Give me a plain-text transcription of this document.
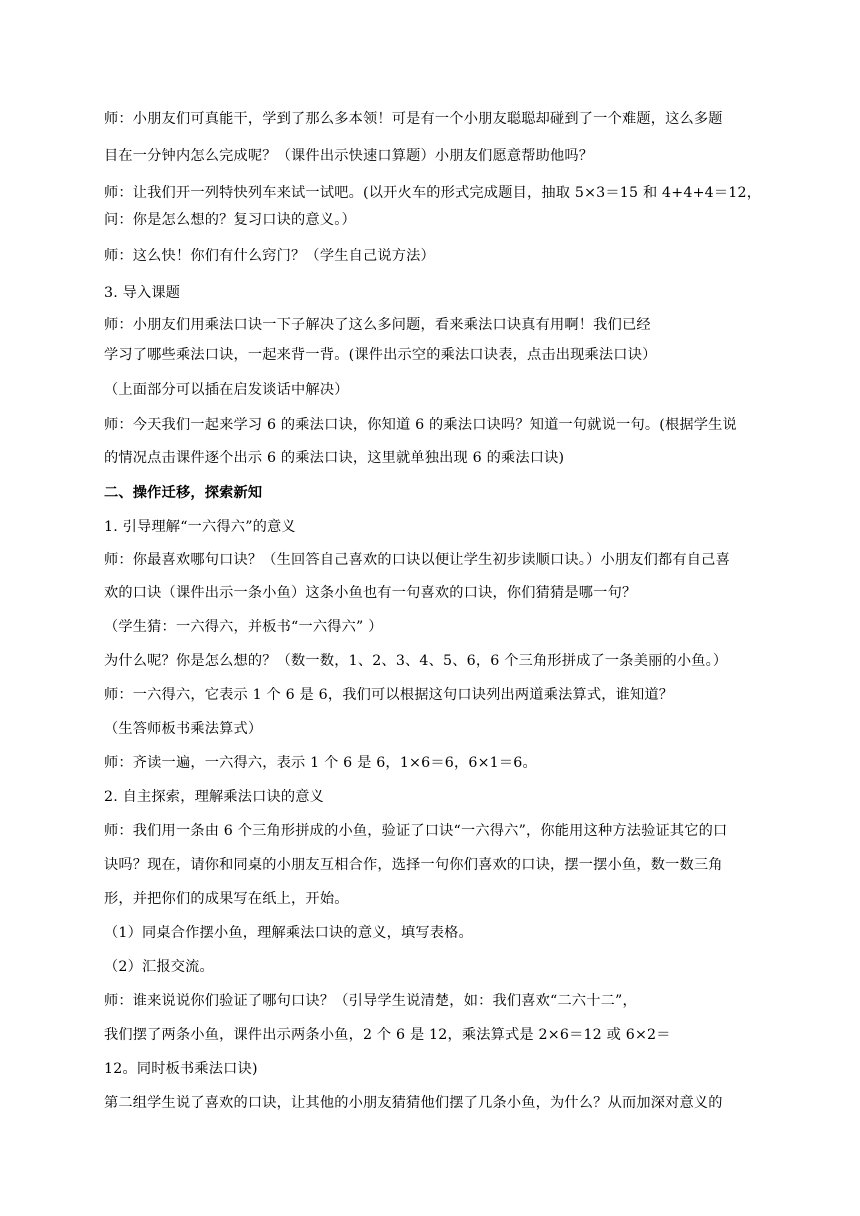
师：小朋友们可真能干，学到了那么多本领！可是有一个小朋友聪聪却碰到了一个难题，这么多题
目在一分钟内怎么完成呢？（课件出示快速口算题）小朋友们愿意帮助他吗？
师：让我们开一列特快列车来试一试吧。(以开火车的形式完成题目，抽取 5×3＝15 和 4+4+4＝12，
问：你是怎么想的？复习口诀的意义。）
师：这么快！你们有什么窍门？（学生自己说方法）
3. 导入课题
师：小朋友们用乘法口诀一下子解决了这么多问题，看来乘法口诀真有用啊！我们已经
学习了哪些乘法口诀，一起来背一背。(课件出示空的乘法口诀表，点击出现乘法口诀）
（上面部分可以插在启发谈话中解决）
师：今天我们一起来学习 6 的乘法口诀，你知道 6 的乘法口诀吗？知道一句就说一句。(根据学生说
的情况点击课件逐个出示 6 的乘法口诀，这里就单独出现 6 的乘法口诀)
二、操作迁移，探索新知
1. 引导理解“一六得六”的意义
师：你最喜欢哪句口诀？（生回答自己喜欢的口诀以便让学生初步读顺口诀。）小朋友们都有自己喜
欢的口诀（课件出示一条小鱼）这条小鱼也有一句喜欢的口诀，你们猜猜是哪一句？
（学生猜：一六得六，并板书“一六得六” ）
为什么呢？你是怎么想的？（数一数，1、2、3、4、5、6，6 个三角形拼成了一条美丽的小鱼。）
师：一六得六，它表示 1 个 6 是 6，我们可以根据这句口诀列出两道乘法算式，谁知道？
（生答师板书乘法算式）
师：齐读一遍，一六得六，表示 1 个 6 是 6，1×6＝6，6×1＝6。
2. 自主探索，理解乘法口诀的意义
师：我们用一条由 6 个三角形拼成的小鱼，验证了口诀“一六得六”，你能用这种方法验证其它的口
诀吗？现在，请你和同桌的小朋友互相合作，选择一句你们喜欢的口诀，摆一摆小鱼，数一数三角
形，并把你们的成果写在纸上，开始。
（1）同桌合作摆小鱼，理解乘法口诀的意义，填写表格。
（2）汇报交流。
师：谁来说说你们验证了哪句口诀？（引导学生说清楚，如：我们喜欢“二六十二”，
我们摆了两条小鱼，课件出示两条小鱼，2 个 6 是 12，乘法算式是 2×6＝12 或 6×2＝
12。同时板书乘法口诀)
第二组学生说了喜欢的口诀，让其他的小朋友猜猜他们摆了几条小鱼，为什么？从而加深对意义的
